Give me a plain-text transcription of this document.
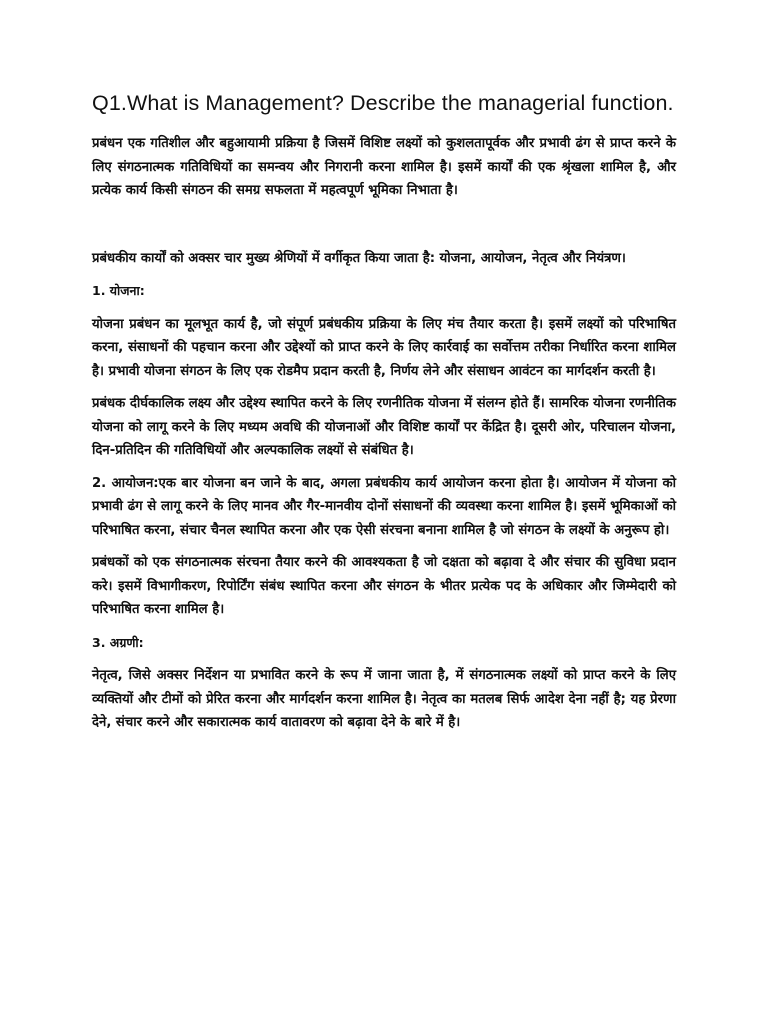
Q1.What is Management? Describe the managerial function.

प्रबंधन एक गतिशील और बहुआयामी प्रक्रिया है जिसमें विशिष्ट लक्ष्यों को कुशलतापूर्वक और प्रभावी ढंग से प्राप्त करने के लिए संगठनात्मक गतिविधियों का समन्वय और निगरानी करना शामिल है। इसमें कार्यों की एक श्रृंखला शामिल है, और प्रत्येक कार्य किसी संगठन की समग्र सफलता में महत्वपूर्ण भूमिका निभाता है।

प्रबंधकीय कार्यों को अक्सर चार मुख्य श्रेणियों में वर्गीकृत किया जाता है: योजना, आयोजन, नेतृत्व और नियंत्रण।

1. योजना:

योजना प्रबंधन का मूलभूत कार्य है, जो संपूर्ण प्रबंधकीय प्रक्रिया के लिए मंच तैयार करता है। इसमें लक्ष्यों को परिभाषित करना, संसाधनों की पहचान करना और उद्देश्यों को प्राप्त करने के लिए कार्रवाई का सर्वोत्तम तरीका निर्धारित करना शामिल है। प्रभावी योजना संगठन के लिए एक रोडमैप प्रदान करती है, निर्णय लेने और संसाधन आवंटन का मार्गदर्शन करती है।

प्रबंधक दीर्घकालिक लक्ष्य और उद्देश्य स्थापित करने के लिए रणनीतिक योजना में संलग्न होते हैं। सामरिक योजना रणनीतिक योजना को लागू करने के लिए मध्यम अवधि की योजनाओं और विशिष्ट कार्यों पर केंद्रित है। दूसरी ओर, परिचालन योजना, दिन-प्रतिदिन की गतिविधियों और अल्पकालिक लक्ष्यों से संबंधित है।

2. आयोजन:एक बार योजना बन जाने के बाद, अगला प्रबंधकीय कार्य आयोजन करना होता है। आयोजन में योजना को प्रभावी ढंग से लागू करने के लिए मानव और गैर-मानवीय दोनों संसाधनों की व्यवस्था करना शामिल है। इसमें भूमिकाओं को परिभाषित करना, संचार चैनल स्थापित करना और एक ऐसी संरचना बनाना शामिल है जो संगठन के लक्ष्यों के अनुरूप हो।

प्रबंधकों को एक संगठनात्मक संरचना तैयार करने की आवश्यकता है जो दक्षता को बढ़ावा दे और संचार की सुविधा प्रदान करे। इसमें विभागीकरण, रिपोर्टिंग संबंध स्थापित करना और संगठन के भीतर प्रत्येक पद के अधिकार और जिम्मेदारी को परिभाषित करना शामिल है।

3. अग्रणी:

नेतृत्व, जिसे अक्सर निर्देशन या प्रभावित करने के रूप में जाना जाता है, में संगठनात्मक लक्ष्यों को प्राप्त करने के लिए व्यक्तियों और टीमों को प्रेरित करना और मार्गदर्शन करना शामिल है। नेतृत्व का मतलब सिर्फ आदेश देना नहीं है; यह प्रेरणा देने, संचार करने और सकारात्मक कार्य वातावरण को बढ़ावा देने के बारे में है।
